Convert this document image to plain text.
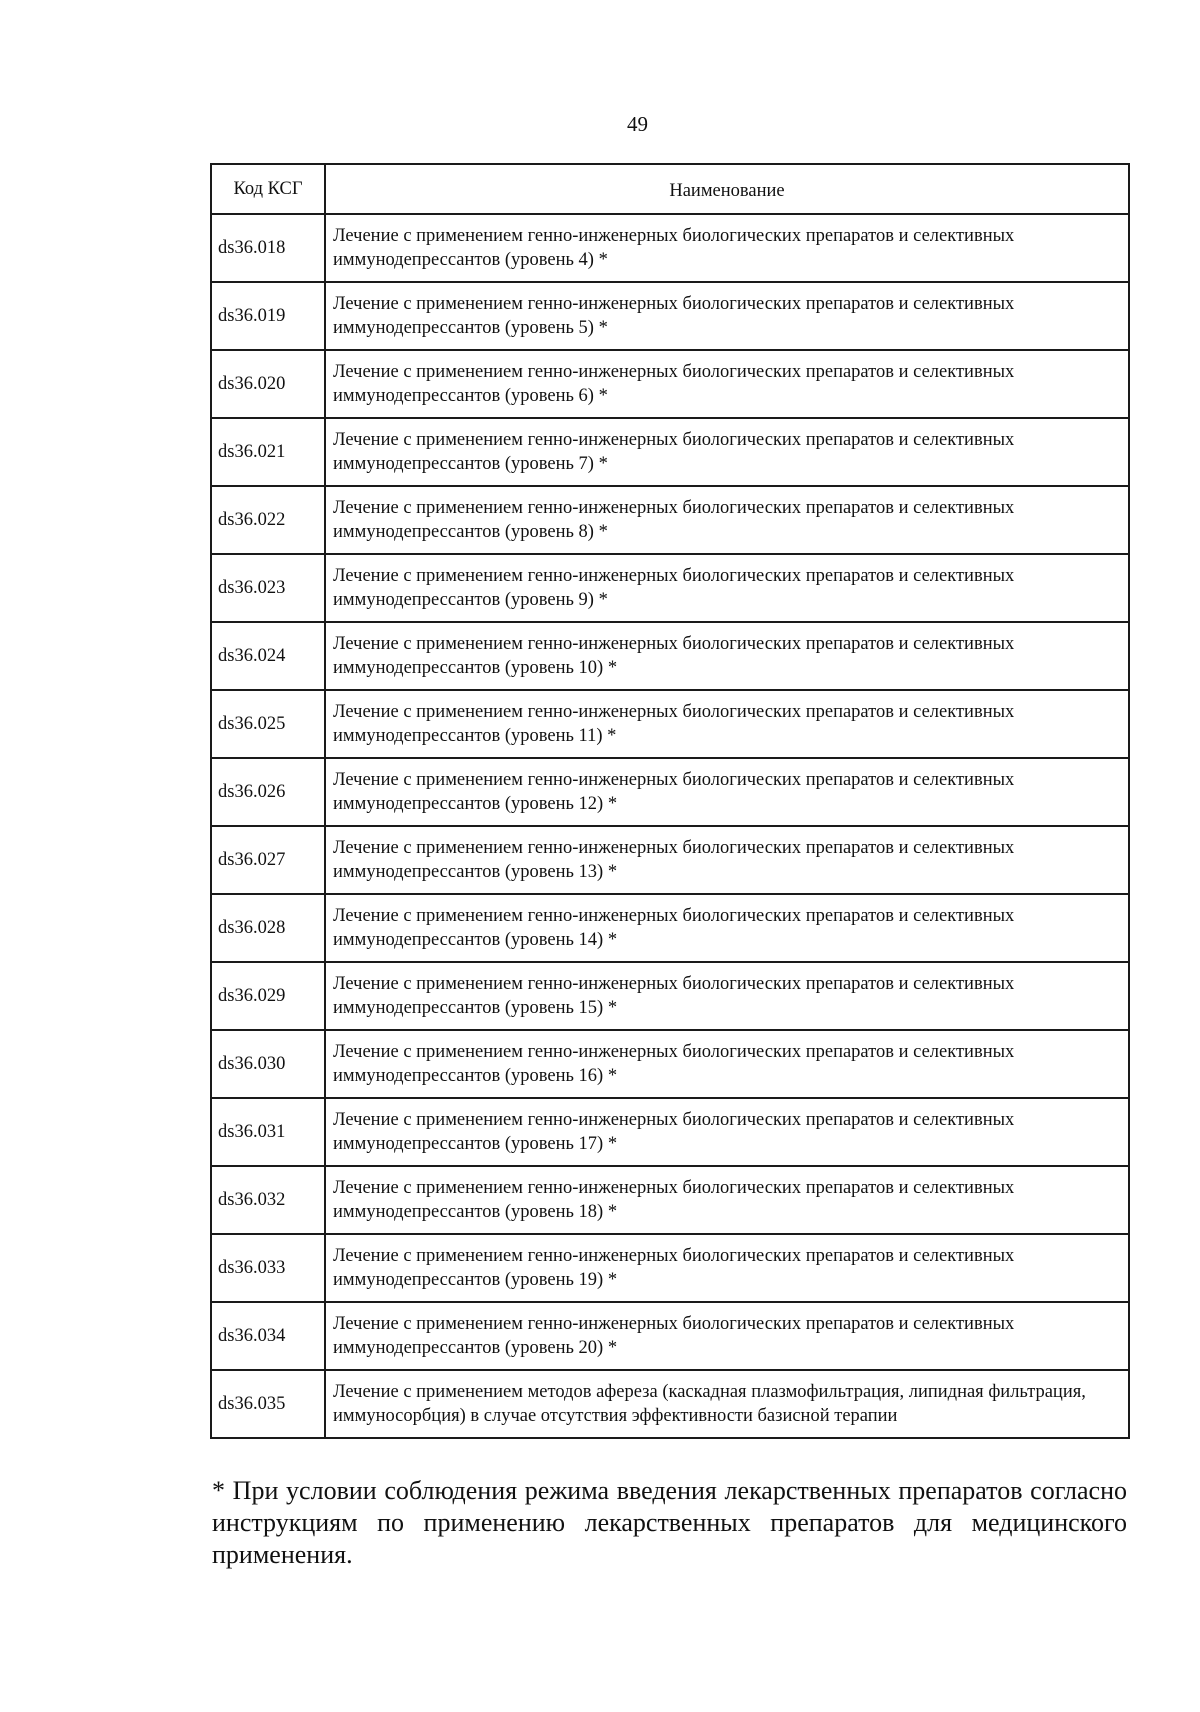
49
Код КСГ	Наименование
ds36.018	Лечение с применением генно-инженерных биологических препаратов и селективных иммунодепрессантов (уровень 4) *
ds36.019	Лечение с применением генно-инженерных биологических препаратов и селективных иммунодепрессантов (уровень 5) *
ds36.020	Лечение с применением генно-инженерных биологических препаратов и селективных иммунодепрессантов (уровень 6) *
ds36.021	Лечение с применением генно-инженерных биологических препаратов и селективных иммунодепрессантов (уровень 7) *
ds36.022	Лечение с применением генно-инженерных биологических препаратов и селективных иммунодепрессантов (уровень 8) *
ds36.023	Лечение с применением генно-инженерных биологических препаратов и селективных иммунодепрессантов (уровень 9) *
ds36.024	Лечение с применением генно-инженерных биологических препаратов и селективных иммунодепрессантов (уровень 10) *
ds36.025	Лечение с применением генно-инженерных биологических препаратов и селективных иммунодепрессантов (уровень 11) *
ds36.026	Лечение с применением генно-инженерных биологических препаратов и селективных иммунодепрессантов (уровень 12) *
ds36.027	Лечение с применением генно-инженерных биологических препаратов и селективных иммунодепрессантов (уровень 13) *
ds36.028	Лечение с применением генно-инженерных биологических препаратов и селективных иммунодепрессантов (уровень 14) *
ds36.029	Лечение с применением генно-инженерных биологических препаратов и селективных иммунодепрессантов (уровень 15) *
ds36.030	Лечение с применением генно-инженерных биологических препаратов и селективных иммунодепрессантов (уровень 16) *
ds36.031	Лечение с применением генно-инженерных биологических препаратов и селективных иммунодепрессантов (уровень 17) *
ds36.032	Лечение с применением генно-инженерных биологических препаратов и селективных иммунодепрессантов (уровень 18) *
ds36.033	Лечение с применением генно-инженерных биологических препаратов и селективных иммунодепрессантов (уровень 19) *
ds36.034	Лечение с применением генно-инженерных биологических препаратов и селективных иммунодепрессантов (уровень 20) *
ds36.035	Лечение с применением методов афереза (каскадная плазмофильтрация, липидная фильтрация, иммуносорбция) в случае отсутствия эффективности базисной терапии
* При условии соблюдения режима введения лекарственных препаратов согласно инструкциям по применению лекарственных препаратов для медицинского применения.
